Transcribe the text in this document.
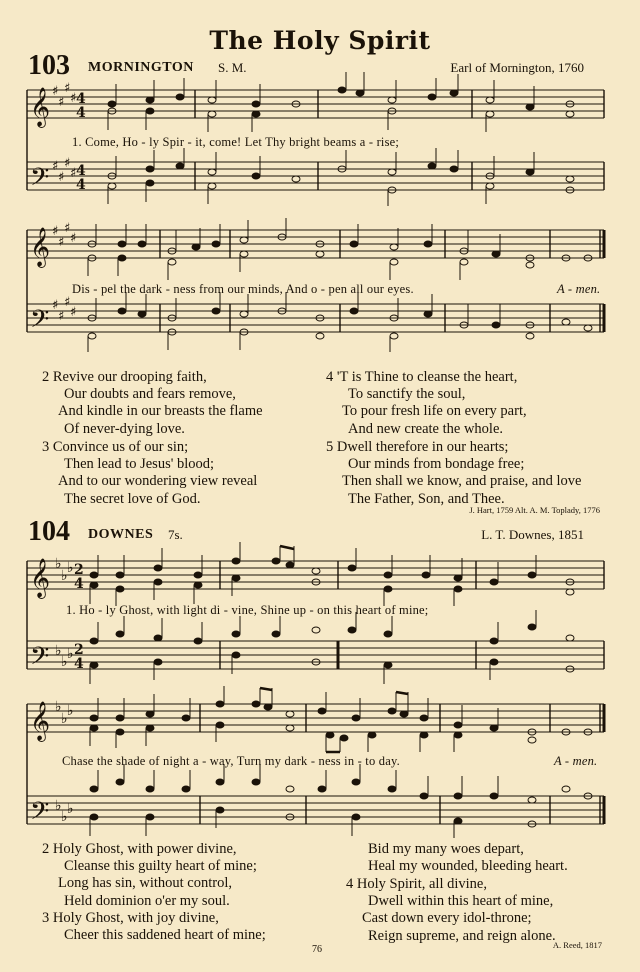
The Holy Spirit
103 MORNINGTON S. M.	Earl of Mornington, 1760
𝄞
𝄢
𝄞
𝄢
♯
♯
♯
♯
♯
♯
♯
♯
♯
♯
♯
♯
♯
♯
♯
♯
4
4
4
4
1. Come, Ho - ly Spir - it, come! Let Thy bright beams a - rise;
Dis - pel the dark - ness from our minds, And o - pen all our eyes.	A - men.
2 Revive our drooping faith,
Our doubts and fears remove,
And kindle in our breasts the flame
Of never-dying love.
3 Convince us of our sin;
Then lead to Jesus' blood;
And to our wondering view reveal
The secret love of God.
4 'T is Thine to cleanse the heart,
To sanctify the soul,
To pour fresh life on every part,
And new create the whole.
5 Dwell therefore in our hearts;
Our minds from bondage free;
Then shall we know, and praise, and love
The Father, Son, and Thee.
J. Hart, 1759 Alt. A. M. Toplady, 1776
104 DOWNES 7s.	L. T. Downes, 1851
𝄞
𝄢
𝄞
𝄢
♭
♭ ♭
♭
♭ ♭
♭
♭ ♭
♭
♭ ♭
2
4
2
4
1. Ho - ly Ghost, with light di - vine, Shine up - on this heart of mine;
Chase the shade of night a - way, Turn my dark - ness in - to day.	A - men.
2 Holy Ghost, with power divine,
Cleanse this guilty heart of mine;
Long has sin, without control,
Held dominion o'er my soul.
3 Holy Ghost, with joy divine,
Cheer this saddened heart of mine;
Bid my many woes depart,
Heal my wounded, bleeding heart.
4 Holy Spirit, all divine,
Dwell within this heart of mine,
Cast down every idol-throne;
Reign supreme, and reign alone.
A. Reed, 1817
76
